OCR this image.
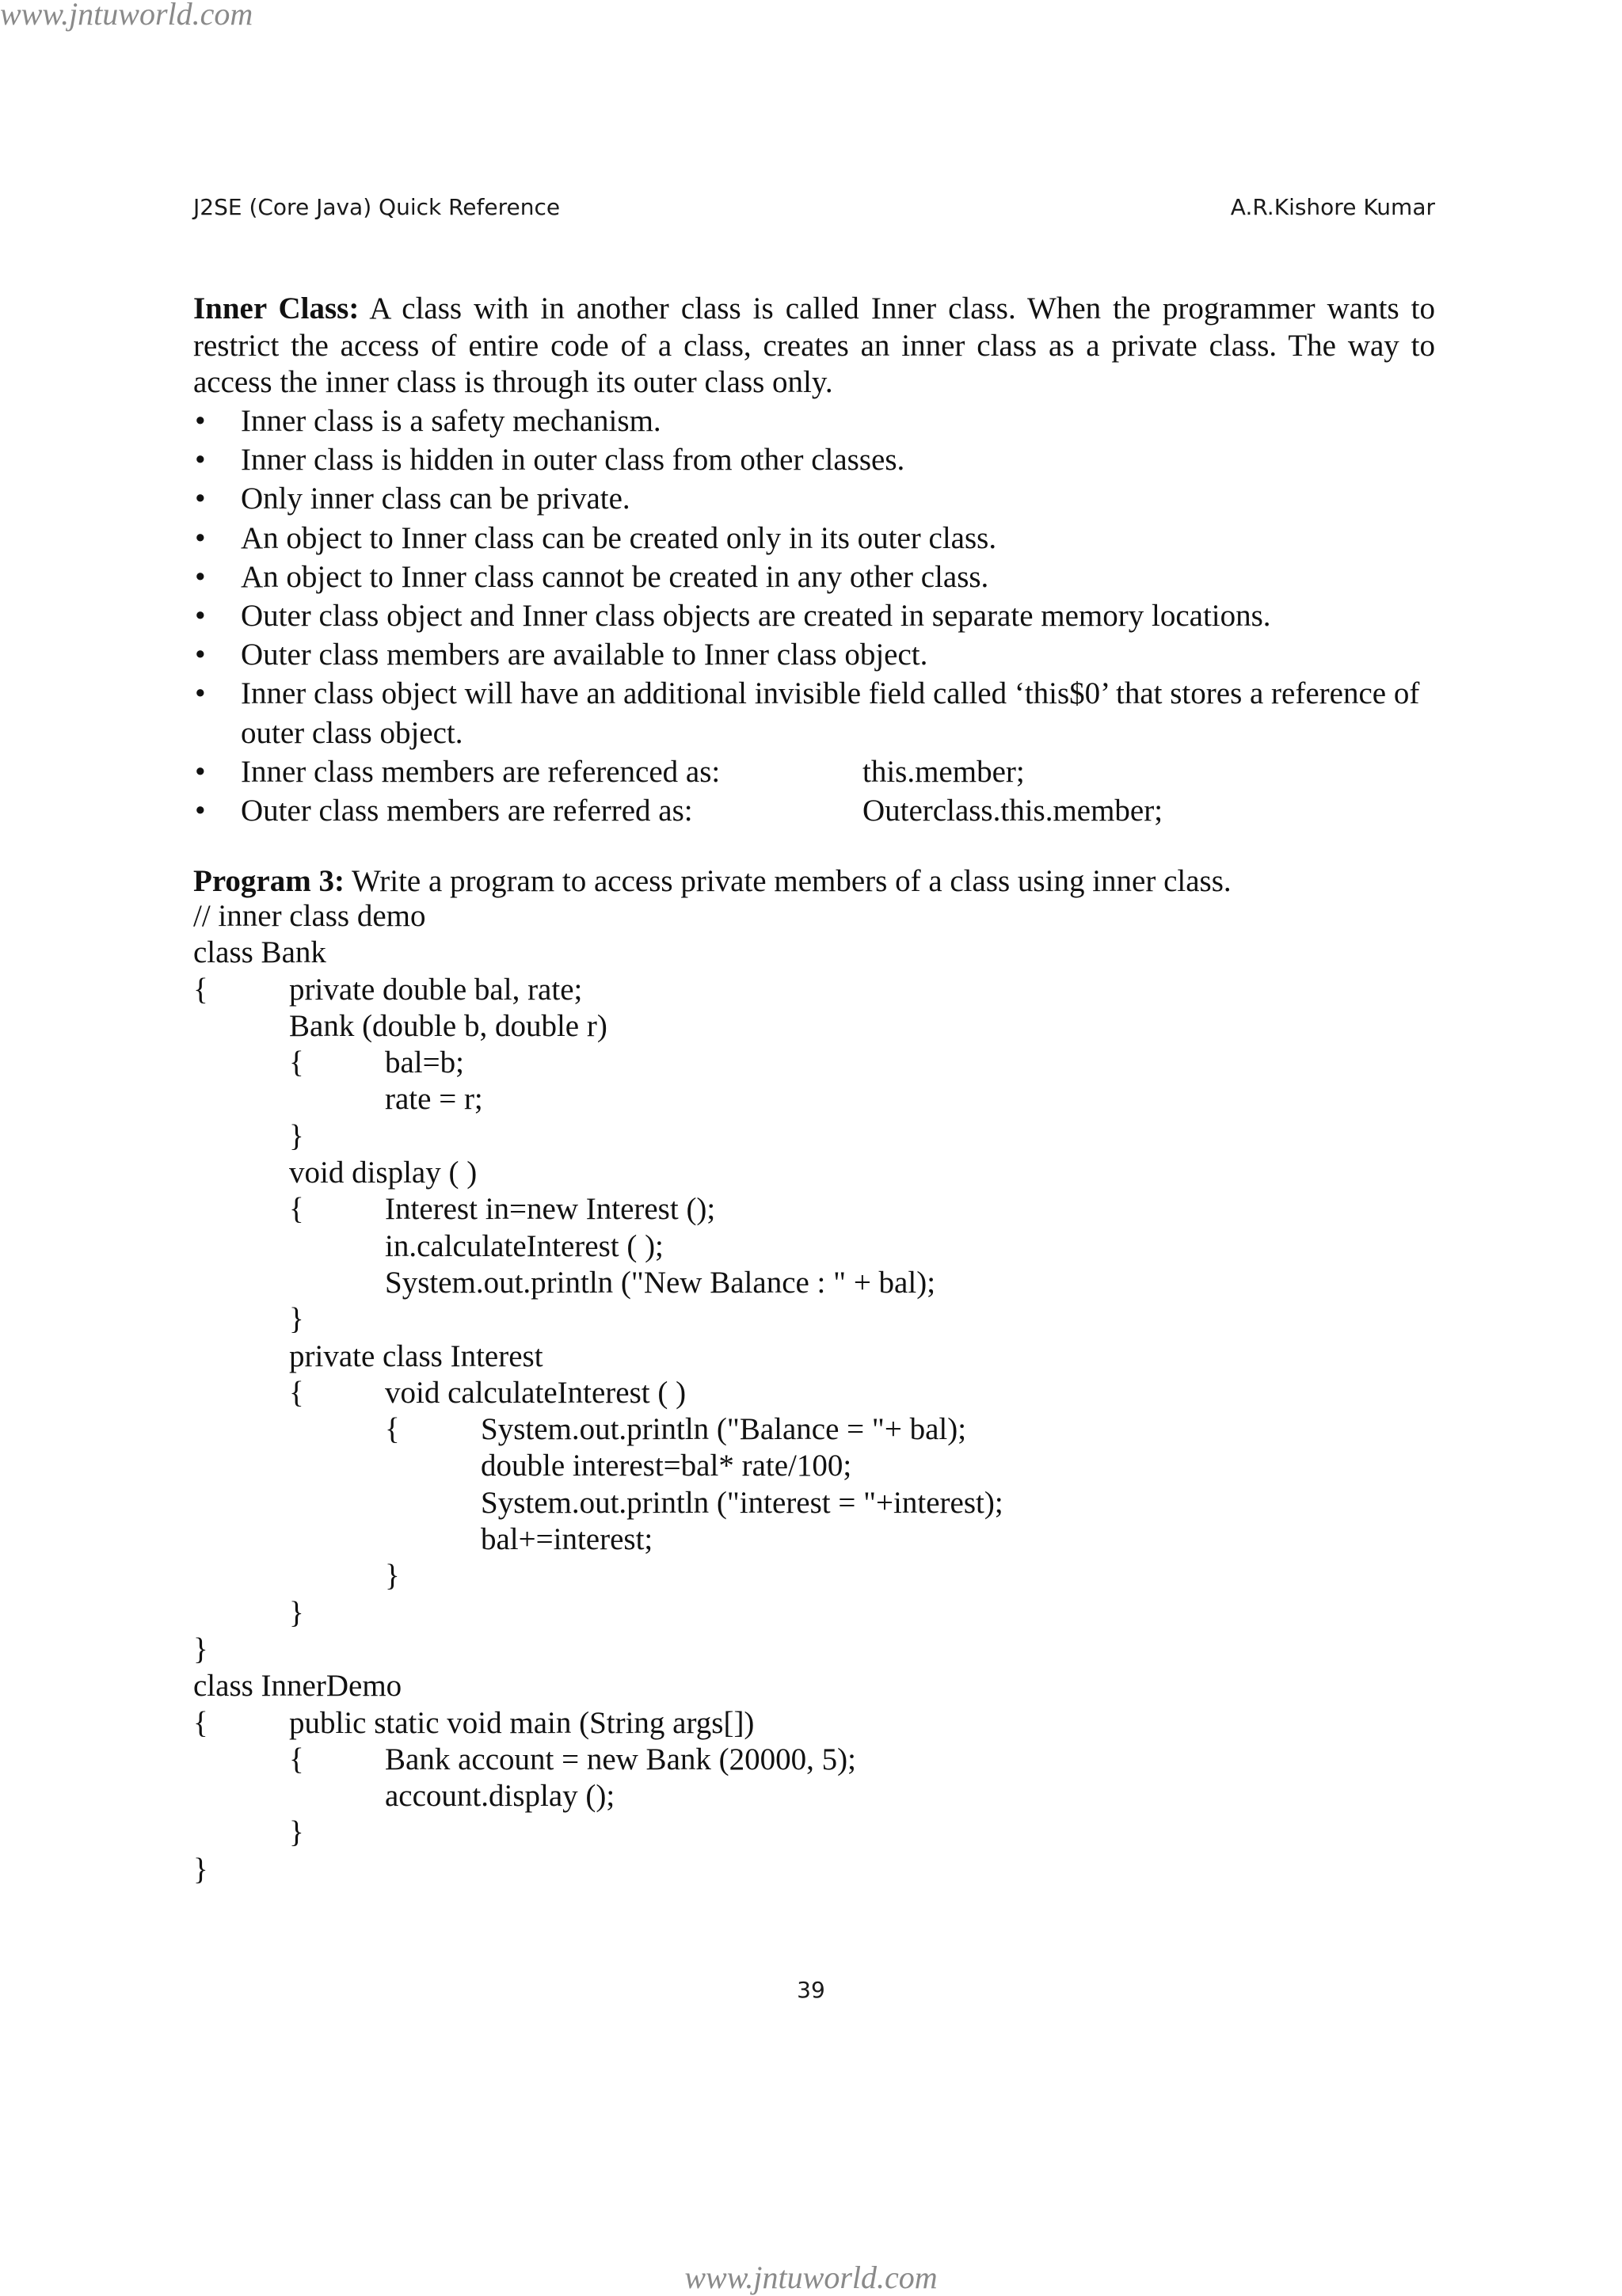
www.jntuworld.com
J2SE (Core Java) Quick Reference	A.R.Kishore Kumar
Inner Class: A class with in another class is called Inner class. When the programmer wants to restrict the access of entire code of a class, creates an inner class as a private class. The way to access the inner class is through its outer class only.
• Inner class is a safety mechanism.
• Inner class is hidden in outer class from other classes.
• Only inner class can be private.
• An object to Inner class can be created only in its outer class.
• An object to Inner class cannot be created in any other class.
• Outer class object and Inner class objects are created in separate memory locations.
• Outer class members are available to Inner class object.
• Inner class object will have an additional invisible field called ‘this$0’ that stores a reference of outer class object.
• Inner class members are referenced as:	this.member;
• Outer class members are referred as:	Outerclass.this.member;
Program 3: Write a program to access private members of a class using inner class.
// inner class demo
class Bank
{	private double bal, rate;
Bank (double b, double r)
{	bal=b;
rate = r;
}
void display ( )
{	Interest in=new Interest ();
in.calculateInterest ( );
System.out.println ("New Balance : " + bal);
}
private class Interest
{	void calculateInterest ( )
{	System.out.println ("Balance = "+ bal);
double interest=bal* rate/100;
System.out.println ("interest = "+interest);
bal+=interest;
}
}
}
class InnerDemo
{	public static void main (String args[])
{	Bank account = new Bank (20000, 5);
account.display ();
}
}
39
www.jntuworld.com
